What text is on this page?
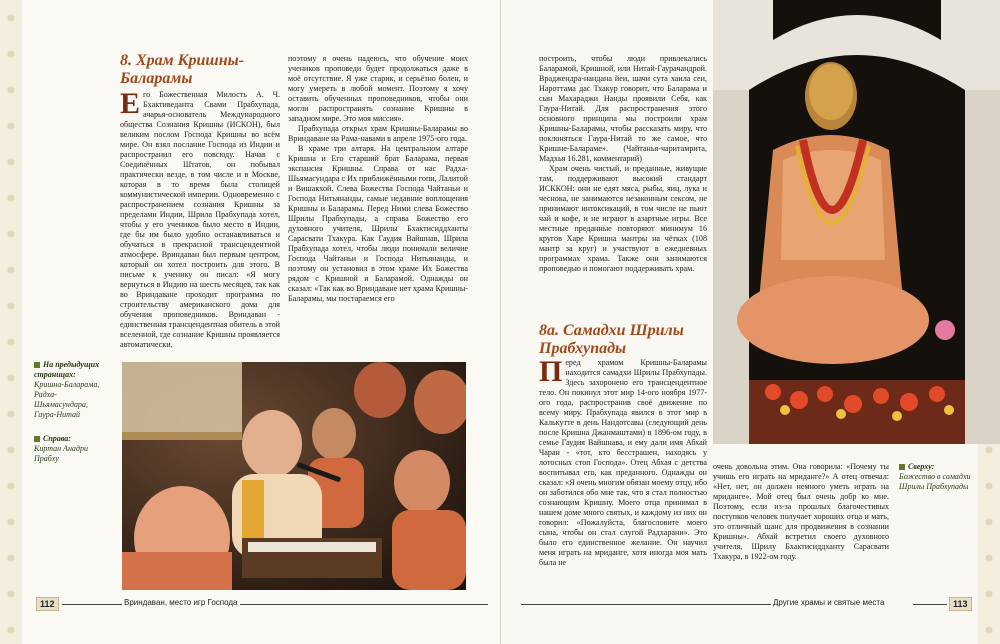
8. Храм Кришны-Баларамы
Е го Божественная Милость А. Ч. Бхактиведанта Свами Прабхупада, ачарья-основатель Международного общества Сознания Кришны (ИСКОН), был великим послом Господа Кришны во всём мире. Он взял послание Господа из Индии и распространил его повсюду. Начав с Соединённых Штатов, он побывал практически везде, в том числе и в Москве, которая в то время была столицей коммунистической империи. Одновременно с распространением сознания Кришны за пределами Индии, Шрила Прабхупада хотел, чтобы у его учеников было место в Индии, где бы им было удобно останавливаться и обучаться в прекрасной трансцендентной атмосфере. Вриндаван был первым центром, который он хотел построить для этого. В письме к ученику он писал: «Я могу вернуться в Индию на шесть месяцев, так как во Вриндаване проходит программа по строительству американского дома для обучения проповедников. Вриндаван - единственная трансцендентная обитель в этой вселенной, где сознание Кришны проявляется автоматически,

поэтому я очень надеюсь, что обучение моих учеников проповеди будет продолжаться даже в моё отсутствие. Я уже старик, и серьёзно болен, и могу умереть в любой момент. Поэтому я хочу оставить обученных проповедников, чтобы они могли распространять сознание Кришны в западном мире. Это моя миссия».

Прабхупада открыл храм Кришны-Баларамы во Вриндаване на Рама-навами в апреле 1975-ого года.

В храме три алтаря. На центральном алтаре Кришна и Его старший брат Баларама, первая экспансия Кришны. Справа от нас Радха-Шьямасундара с Их приближёнными гопи, Лалитой и Вишакхой. Слева Божества Господа Чайтаньи и Господа Нитьянанды, самые недавние воплощения Кришны и Баларамы. Перед Ними слева Божество Шрилы Прабхупады, а справа Божество его духовного учителя, Шрилы Бхактисиддханты Сарасвати Тхакура. Как Гаудия Вайшнав, Шрила Прабхупада хотел, чтобы люди понимали величие Господа Чайтаньи и Господа Нитьянанды, и поэтому он установил в этом храме Их Божества рядом с Кришной и Баларамой. Однажды он сказал: «Так как во Вриндаване нет храма Кришны-Баларамы, мы постараемся его

На предыдущих страницах:
Кришна-Баларама, Радха-Шьямасундара, Гаура-Нитай
Справа:
Киртан Анадри Прабху
112	Вриндаван, место игр Господа

построить, чтобы люди привлекались Баларамой, Кришной, или Нитай-Гаурачандрой. Враджендра-нандана йеи, шачи сута хаила сеи, Нароттама дас Тхакур говорит, что Баларама и сын Махараджи Нанды проявили Себя, как Гаура-Нитай. Для распространения этого основного принципа мы построили храм Кришны-Баларамы, чтобы рассказать миру, что поклоняться Гаура-Нитай то же самое, что Кришне-Балараме». (Чайтанья-чаритамрита, Мадхья 16.281, комментарий)

Храм очень чистый, и преданные, живущие там, поддерживают высокий стандарт ИСККОН: они не едят мяса, рыбы, яиц, лука и чеснока, не занимаются незаконным сексом, не принимают интоксикаций, в том числе не пьют чай и кофе, и не играют в азартные игры. Все местные преданные повторяют минимум 16 кругов Харе Кришна мантры на чётках (108 мантр за круг) и участвуют в ежедневных программах храма. Также они занимаются проповедью и помогают поддерживать храм.

8а. Самадхи Шрилы Прабхупады
П еред храмом Кришны-Баларамы находится самадхи Шрилы Прабхупады. Здесь захоронено его трансцендентное тело. Он покинул этот мир 14-ого ноября 1977-ого года, распространив своё движение по всему миру. Прабхупада явился в этот мир в Калькутте в день Нандотсавы (следующий день после Кришна Джанмаштами) в 1896-ом году, в семье Гаудия Вайшнава, и ему дали имя Абхай Чаран - «тот, кто бесстрашен, находясь у лотосных стоп Господа». Отец Абхая с детства воспитывал его, как преданного. Однажды он сказал: «Я очень многим обязан моему отцу, ибо он заботился обо мне так, что я стал полностью сознающим Кришну. Моего отца принимал в нашем доме много святых, и каждому из них он говорил: «Пожалуйста, благословите моего сына, чтобы он стал слугой Радхарани». Это было его единственное желание. Он научил меня играть на мриданге, хотя иногда моя мать была не

очень довольна этим. Она говорила: «Почему ты учишь его играть на мриданге?» А отец отвечал: «Нет, нет, он должен немного уметь играть на мриданге». Мой отец был очень добр ко мне. Поэтому, если из-за прошлых благочестивых поступков человек получает хороших отца и мать, это отличный шанс для продвижения в сознании Кришны». Абхай встретил своего духовного учителя, Шрилу Бхактисиддханту Сарасвати Тхакура, в 1922-ом году.

Сверху:
Божество в самадхи Шрилы Прабхупады
Другие храмы и святые места	113
